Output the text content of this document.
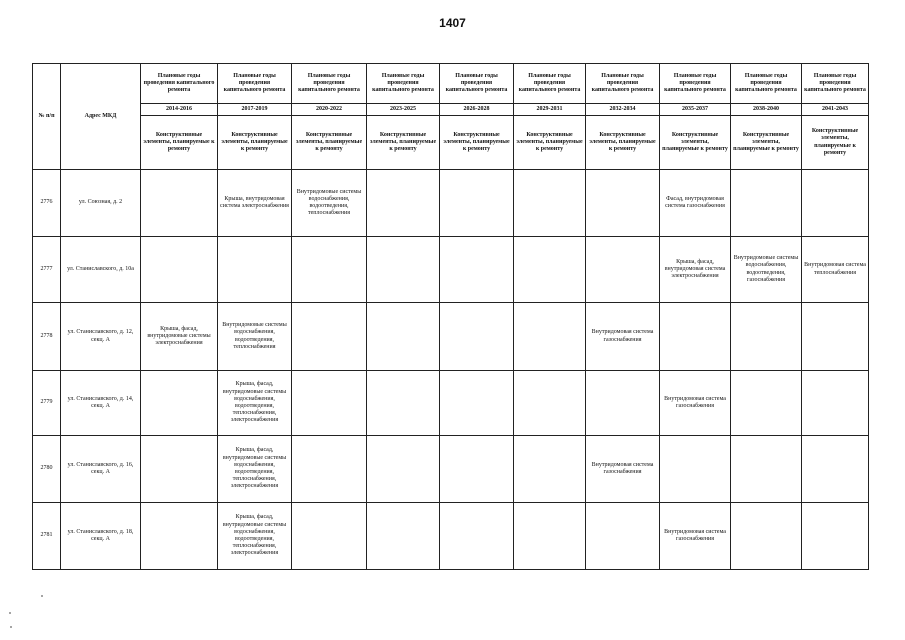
1407
№ п/п	Адрес МКД	Плановые годы проведения капитального ремонта	Плановые годы проведения капитального ремонта	Плановые годы проведения капитального ремонта	Плановые годы проведения капитального ремонта	Плановые годы проведения капитального ремонта	Плановые годы проведения капитального ремонта	Плановые годы проведения капитального ремонта	Плановые годы проведения капитального ремонта	Плановые годы проведения капитального ремонта	Плановые годы проведения капитального ремонта
		2014-2016	2017-2019	2020-2022	2023-2025	2026-2028	2029-2031	2032-2034	2035-2037	2038-2040	2041-2043
		Конструктивные элементы, планируемые к ремонту	Конструктивные элементы, планируемые к ремонту	Конструктивные элементы, планируемые к ремонту	Конструктивные элементы, планируемые к ремонту	Конструктивные элементы, планируемые к ремонту	Конструктивные элементы, планируемые к ремонту	Конструктивные элементы, планируемые к ремонту	Конструктивные элементы, планируемые к ремонту	Конструктивные элементы, планируемые к ремонту	Конструктивные элементы, планируемые к ремонту
2776	ул. Союзная, д. 2		Крыша, внутридомовая система электроснабжения	Внутридомовые системы водоснабжения, водоотведения, теплоснабжения					Фасад, внутридомовая система газоснабжения		
2777	ул. Станиславского, д. 10а								Крыша, фасад, внутридомовая система электроснабжения	Внутридомовые системы водоснабжения, водоотведения, газоснабжения	Внутридомовая система теплоснабжения
2778	ул. Станиславского, д. 12, секц. А	Крыша, фасад, внутридомовые системы электроснабжения	Внутридомовые системы водоснабжения, водоотведения, теплоснабжения					Внутридомовая система газоснабжения			
2779	ул. Станиславского, д. 14, секц. А		Крыша, фасад, внутридомовые системы водоснабжения, водоотведения, теплоснабжения, электроснабжения						Внутридомовая система газоснабжения		
2780	ул. Станиславского, д. 16, секц. А		Крыша, фасад, внутридомовые системы водоснабжения, водоотведения, теплоснабжения, электроснабжения					Внутридомовая система газоснабжения			
2781	ул. Станиславского, д. 18, секц. А		Крыша, фасад, внутридомовые системы водоснабжения, водоотведения, теплоснабжения, электроснабжения						Внутридомовая система газоснабжения		
